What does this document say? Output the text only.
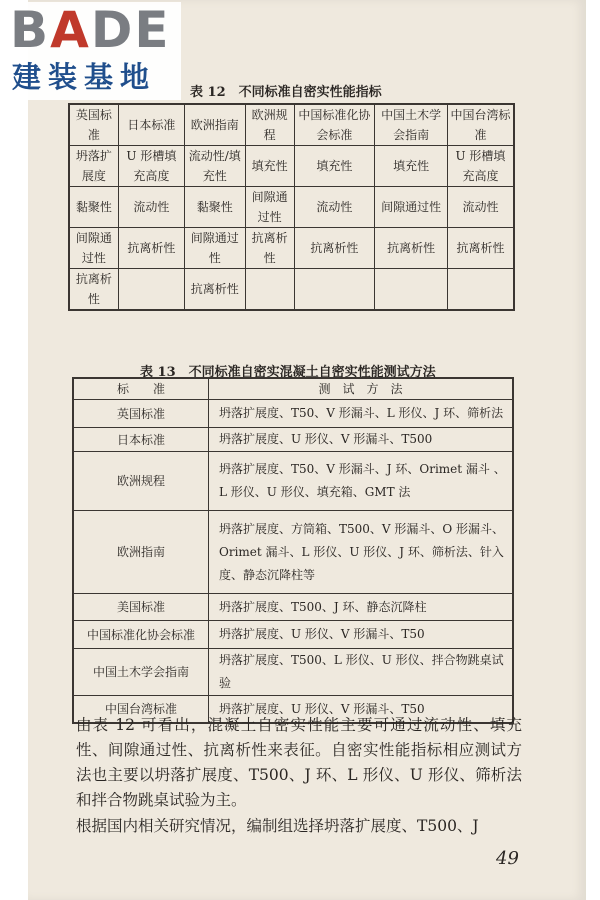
BADE
建装基地	表 12　不同标准自密实性能指标
英国标准	日本标准	欧洲指南	欧洲规程	中国标准化协会标准	中国土木学会指南	中国台湾标准
坍落扩展度	U 形槽填充高度	流动性/填充性	填充性	填充性	填充性	U 形槽填充高度
黏聚性	流动性	黏聚性	间隙通过性	流动性	间隙通过性	流动性
间隙通过性	抗离析性	间隙通过性	抗离析性	抗离析性	抗离析性	抗离析性
抗离析性		抗离析性				
表 13　不同标准自密实混凝土自密实性能测试方法
标　　准	测　试　方　法
英国标准	坍落扩展度、T50、V 形漏斗、L 形仪、J 环、筛析法
日本标准	坍落扩展度、U 形仪、V 形漏斗、T500
欧洲规程	坍落扩展度、T50、V 形漏斗、J 环、Orimet 漏斗 、L 形仪、U 形仪、填充箱、GMT 法
欧洲指南	坍落扩展度、方筒箱、T500、V 形漏斗、O 形漏斗、Orimet 漏斗、L 形仪、U 形仪、J 环、筛析法、针入度、静态沉降柱等
美国标准	坍落扩展度、T500、J 环、静态沉降柱
中国标准化协会标准	坍落扩展度、U 形仪、V 形漏斗、T50
中国土木学会指南	坍落扩展度、T500、L 形仪、U 形仪、拌合物跳桌试验
中国台湾标准	坍落扩展度、U 形仪、V 形漏斗、T50
由表 12 可看出，混凝土自密实性能主要可通过流动性、填充性、间隙通过性、抗离析性来表征。自密实性能指标相应测试方法也主要以坍落扩展度、T500、J 环、L 形仪、U 形仪、筛析法和拌合物跳桌试验为主。
根据国内相关研究情况，编制组选择坍落扩展度、T500、J
49
